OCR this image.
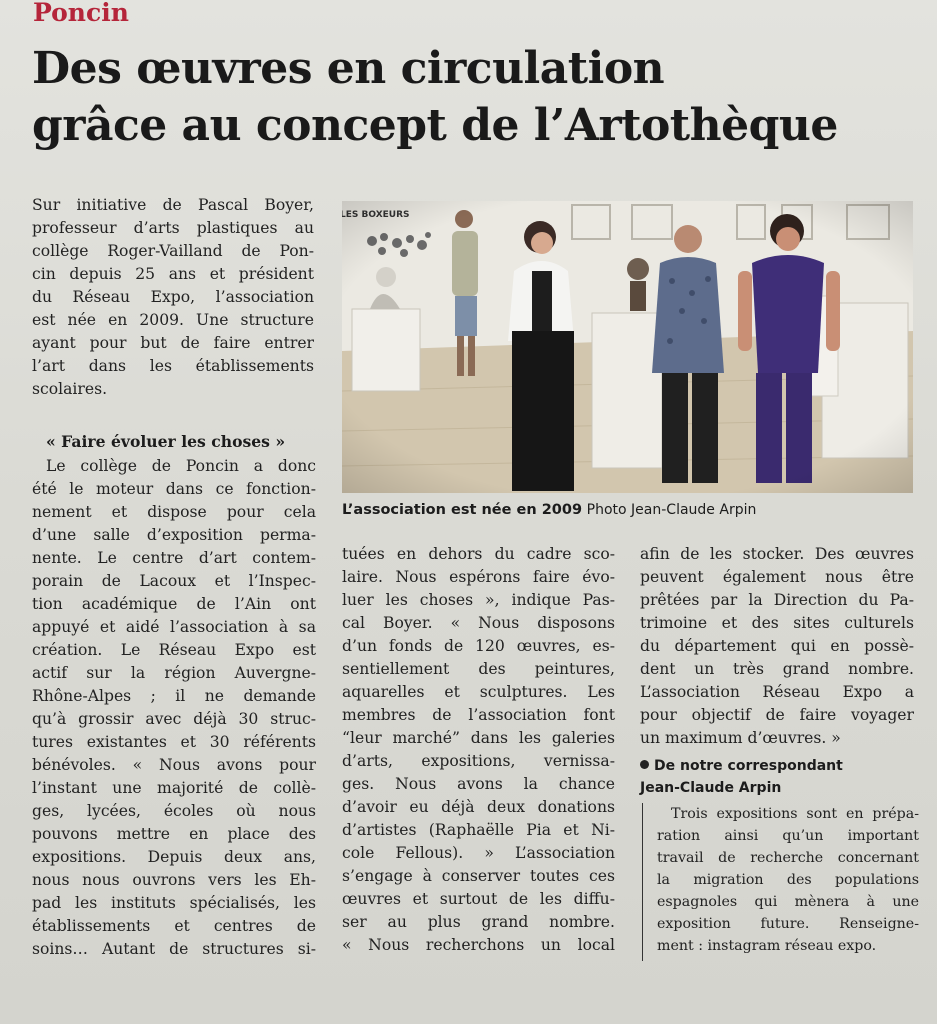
Poncin
Des œuvres en circulation
grâce au concept de l’Artothèque
Sur initiative de Pascal Boyer,
professeur d’arts plastiques au
collège Roger-Vailland de Pon-
cin depuis 25 ans et président
du Réseau Expo, l’association
est née en 2009. Une structure
ayant pour but de faire entrer
l’art dans les établissements
scolaires.
« Faire évoluer les choses »
Le collège de Poncin a donc
été le moteur dans ce fonction-
nement et dispose pour cela
d’une salle d’exposition perma-
nente. Le centre d’art contem-
porain de Lacoux et l’Inspec-
tion académique de l’Ain ont
appuyé et aidé l’association à sa
création. Le Réseau Expo est
actif sur la région Auvergne-
Rhône-Alpes ; il ne demande
qu’à grossir avec déjà 30 struc-
tures existantes et 30 référents
bénévoles. « Nous avons pour
l’instant une majorité de collè-
ges, lycées, écoles où nous
pouvons mettre en place des
expositions. Depuis deux ans,
nous nous ouvrons vers les Eh-
pad les instituts spécialisés, les
établissements et centres de
soins… Autant de structures si-
L’association est née en 2009 Photo Jean-Claude Arpin
tuées en dehors du cadre sco-
laire. Nous espérons faire évo-
luer les choses », indique Pas-
cal Boyer. « Nous disposons
d’un fonds de 120 œuvres, es-
sentiellement des peintures,
aquarelles et sculptures. Les
membres de l’association font
“leur marché” dans les galeries
d’arts, expositions, vernissa-
ges. Nous avons la chance
d’avoir eu déjà deux donations
d’artistes (Raphaëlle Pia et Ni-
cole Fellous). » L’association
s’engage à conserver toutes ces
œuvres et surtout de les diffu-
ser au plus grand nombre.
« Nous recherchons un local
afin de les stocker. Des œuvres
peuvent également nous être
prêtées par la Direction du Pa-
trimoine et des sites culturels
du département qui en possè-
dent un très grand nombre.
L’association Réseau Expo a
pour objectif de faire voyager
un maximum d’œuvres. »
De notre correspondant
Jean-Claude Arpin
Trois expositions sont en prépa-
ration ainsi qu’un important
travail de recherche concernant
la migration des populations
espagnoles qui mènera à une
exposition future. Renseigne-
ment : instagram réseau expo.
